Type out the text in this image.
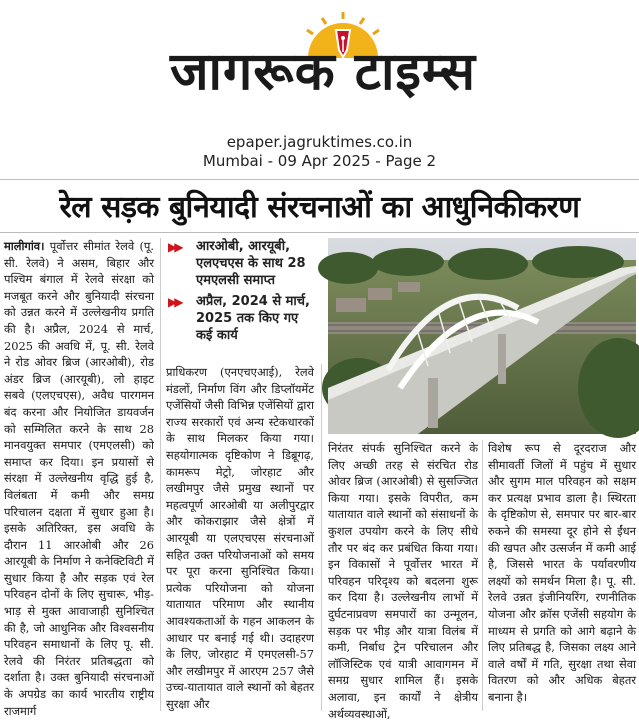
जागरूक टाइम्स
epaper.jagruktimes.co.in
Mumbai - 09 Apr 2025 - Page 2
रेल सड़क बुनियादी संरचनाओं का आधुनिकीकरण
मालीगांव। पूर्वोत्तर सीमांत रेलवे (पू. सी. रेलवे) ने असम, बिहार और पश्चिम बंगाल में रेलवे संरक्षा को मजबूत करने और बुनियादी संरचना को उन्नत करने में उल्लेखनीय प्रगति की है। अप्रैल, 2024 से मार्च, 2025 की अवधि में, पू. सी. रेलवे ने रोड ओवर ब्रिज (आरओबी), रोड अंडर ब्रिज (आरयूबी), लो हाइट सबवे (एलएचएस), अवैध पारगमन बंद करना और नियोजित डायवर्जन को सम्मिलित करने के साथ 28 मानवयुक्त समपार (एमएलसी) को समाप्त कर दिया। इन प्रयासों से संरक्षा में उल्लेखनीय वृद्धि हुई है, विलंबता में कमी और समग्र परिचालन दक्षता में सुधार हुआ है। इसके अतिरिक्त, इस अवधि के दौरान 11 आरओबी और 26 आरयूबी के निर्माण ने कनेक्टिविटी में सुधार किया है और सड़क एवं रेल परिवहन दोनों के लिए सुचारू, भीड़-भाड़ से मुक्त आवाजाही सुनिश्चित की है, जो आधुनिक और विश्वसनीय परिवहन समाधानों के लिए पू. सी. रेलवे की निरंतर प्रतिबद्धता को दर्शाता है। उक्त बुनियादी संरचनाओं के अपग्रेड का कार्य भारतीय राष्ट्रीय राजमार्ग
▶▶ आरओबी, आरयूबी, एलएचएस के साथ 28 एमएलसी समाप्त
▶▶ अप्रैल, 2024 से मार्च, 2025 तक किए गए कई कार्य
प्राधिकरण (एनएचएआई), रेलवे मंडलों, निर्माण विंग और डिप्लॉयमेंट एजेंसियों जैसी विभिन्न एजेंसियों द्वारा राज्य सरकारों एवं अन्य स्टेकधारकों के साथ मिलकर किया गया। सहयोगात्मक दृष्टिकोण ने डिब्रूगढ़, कामरूप मेट्रो, जोरहाट और लखीमपुर जैसे प्रमुख स्थानों पर महत्वपूर्ण आरओबी या अलीपुरद्वार और कोकराझार जैसे क्षेत्रों में आरयूबी या एलएचएस संरचनाओं सहित उक्त परियोजनाओं को समय पर पूरा करना सुनिश्चित किया। प्रत्येक परियोजना को योजना यातायात परिमाण और स्थानीय आवश्यकताओं के गहन आकलन के आधार पर बनाई गई थी। उदाहरण के लिए, जोरहाट में एमएलसी-57 और लखीमपुर में आरएम 257 जैसे उच्च-यातायात वाले स्थानों को बेहतर सुरक्षा और
निरंतर संपर्क सुनिश्चित करने के लिए अच्छी तरह से संरचित रोड ओवर ब्रिज (आरओबी) से सुसज्जित किया गया। इसके विपरीत, कम यातायात वाले स्थानों को संसाधनों के कुशल उपयोग करने के लिए सीधे तौर पर बंद कर प्रबंधित किया गया। इन विकासों ने पूर्वोत्तर भारत में परिवहन परिदृश्य को बदलना शुरू कर दिया है। उल्लेखनीय लाभों में दुर्घटनाप्रवण समपारों का उन्मूलन, सड़क पर भीड़ और यात्रा विलंब में कमी, निर्बाध ट्रेन परिचालन और लॉजिस्टिक एवं यात्री आवागमन में समग्र सुधार शामिल हैं। इसके अलावा, इन कार्यों ने क्षेत्रीय अर्थव्यवस्थाओं,
विशेष रूप से दूरदराज और सीमावर्ती जिलों में पहुंच में सुधार और सुगम माल परिवहन को सक्षम कर प्रत्यक्ष प्रभाव डाला है। स्थिरता के दृष्टिकोण से, समपार पर बार-बार रुकने की समस्या दूर होने से ईंधन की खपत और उत्सर्जन में कमी आई है, जिससे भारत के पर्यावरणीय लक्ष्यों को समर्थन मिला है। पू. सी. रेलवे उन्नत इंजीनियरिंग, रणनीतिक योजना और क्रॉस एजेंसी सहयोग के माध्यम से प्रगति को आगे बढ़ाने के लिए प्रतिबद्ध है, जिसका लक्ष्य आने वाले वर्षों में गति, सुरक्षा तथा सेवा वितरण को और अधिक बेहतर बनाना है।
